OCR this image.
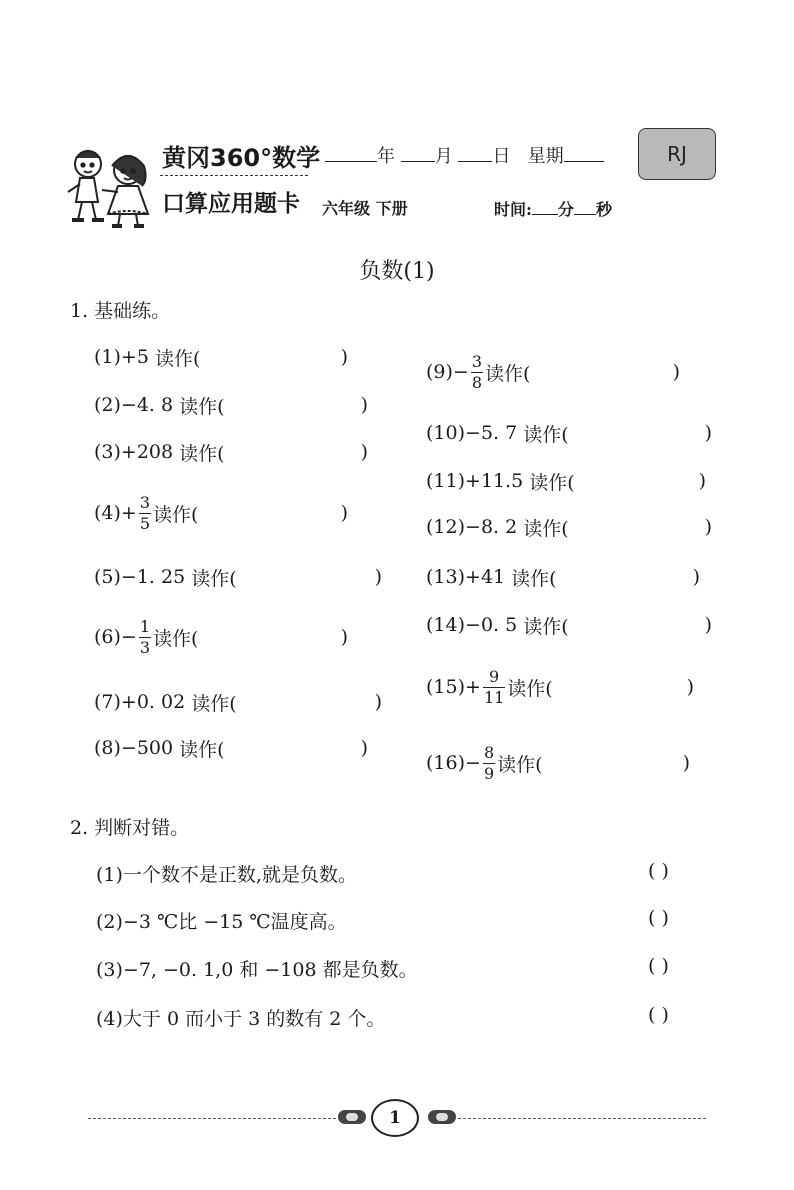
黄冈360°数学
口算应用题卡
年 月 日 星期
六年级 下册	时间: 分 秒
RJ
负数(1)
1. 基础练。
(1) + 5
读作(	)
(2) − 4. 8
读作(	)
(3) + 208
读作(	)
$(4) + \frac{3}{5}$ 读作(	)
(5) − 1. 25
读作(	)
$(6) - \frac{1}{3}$ 读作(	)
(7) + 0. 02
读作(	)
(8) − 500
读作(	)
$(9) - \frac{3}{8}$ 读作(	)
(10) − 5. 7
读作(	)
(11) + 11.5
读作(	)
(12) − 8. 2
读作(	)
(13) + 41
读作(	)
(14) − 0. 5
读作(	)
$(15) + \frac{9}{11}$ 读作(	)
$(16) - \frac{8}{9}$ 读作(	)
2. 判断对错。
(1)一个数不是正数,就是负数。	( )
(2)−3 ℃比 −15 ℃温度高。	( )
(3)−7, −0. 1,0 和 −108 都是负数。	( )
(4)大于 0 而小于 3 的数有 2 个。	( )
1
